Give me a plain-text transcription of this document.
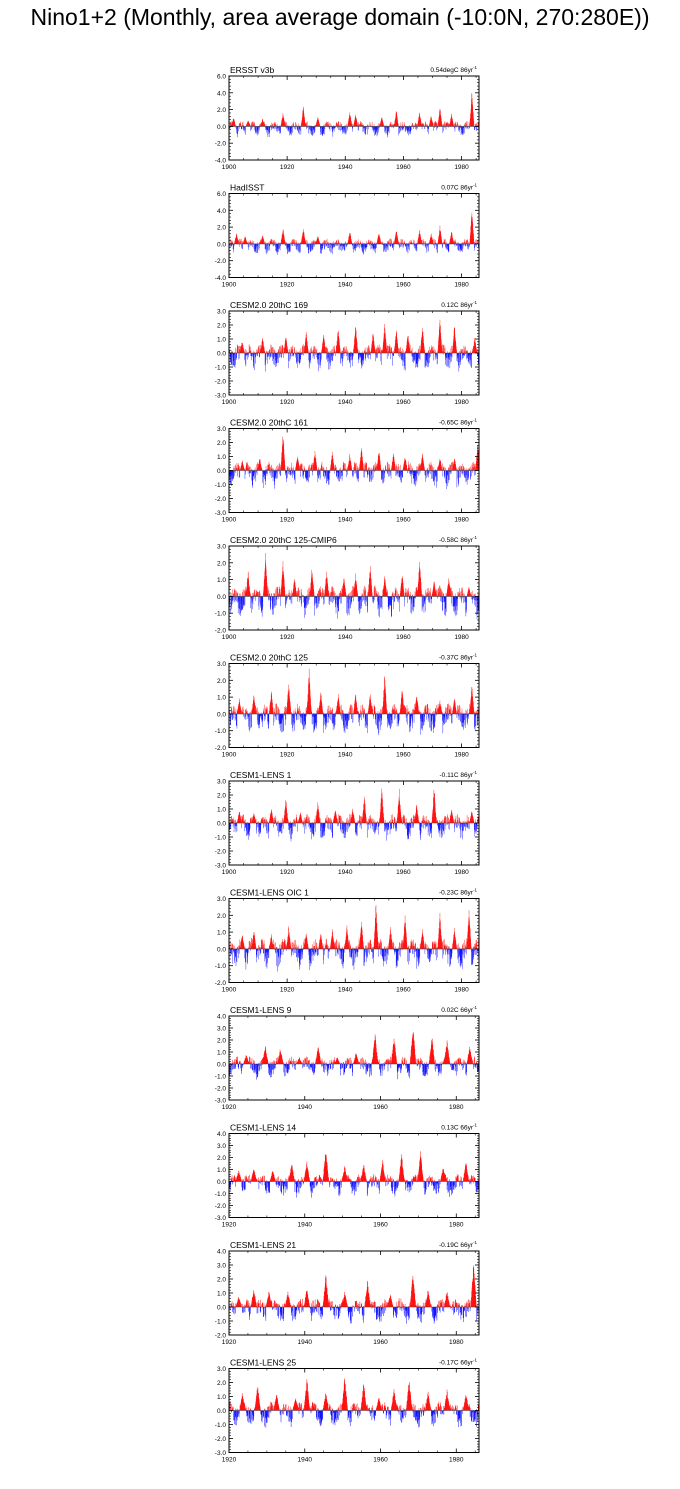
Nino1+2 (Monthly, area average domain (-10:0N, 270:280E))
-4.0
-2.0
0.0
2.0
4.0
6.0
1900	1920	1940	1960	1980
ERSST v3b	0.54degC $86yr^{-1}$
-4.0
-2.0
0.0
2.0
4.0
6.0
1900	1920	1940	1960	1980
HadISST	0.07C $86yr^{-1}$
-3.0
-2.0
-1.0
0.0
1.0
2.0
3.0
1900	1920	1940	1960	1980
CESM2.0 20thC 169	0.12C $86yr^{-1}$
-3.0
-2.0
-1.0
0.0
1.0
2.0
3.0
1900	1920	1940	1960	1980
CESM2.0 20thC 161	-0.65C $86yr^{-1}$
-2.0
-1.0
0.0
1.0
2.0
3.0
1900	1920	1940	1960	1980
CESM2.0 20thC 125-CMIP6	-0.58C $86yr^{-1}$
-2.0
-1.0
0.0
1.0
2.0
3.0
1900	1920	1940	1960	1980
CESM2.0 20thC 125	-0.37C $86yr^{-1}$
-3.0
-2.0
-1.0
0.0
1.0
2.0
3.0
1900	1920	1940	1960	1980
CESM1-LENS 1	-0.11C $86yr^{-1}$
-2.0
-1.0
0.0
1.0
2.0
3.0
1900	1920	1940	1960	1980
CESM1-LENS OIC 1	-0.23C $86yr^{-1}$
-3.0
-2.0
-1.0
0.0
1.0
2.0
3.0
4.0
1920	1940	1960	1980
CESM1-LENS 9	0.02C $66yr^{-1}$
-3.0
-2.0
-1.0
0.0
1.0
2.0
3.0
4.0
1920	1940	1960	1980
CESM1-LENS 14	0.13C $66yr^{-1}$
-2.0
-1.0
0.0
1.0
2.0
3.0
4.0
1920	1940	1960	1980
CESM1-LENS 21	-0.19C $66yr^{-1}$
-3.0
-2.0
-1.0
0.0
1.0
2.0
3.0
1920	1940	1960	1980
CESM1-LENS 25	-0.17C $66yr^{-1}$
